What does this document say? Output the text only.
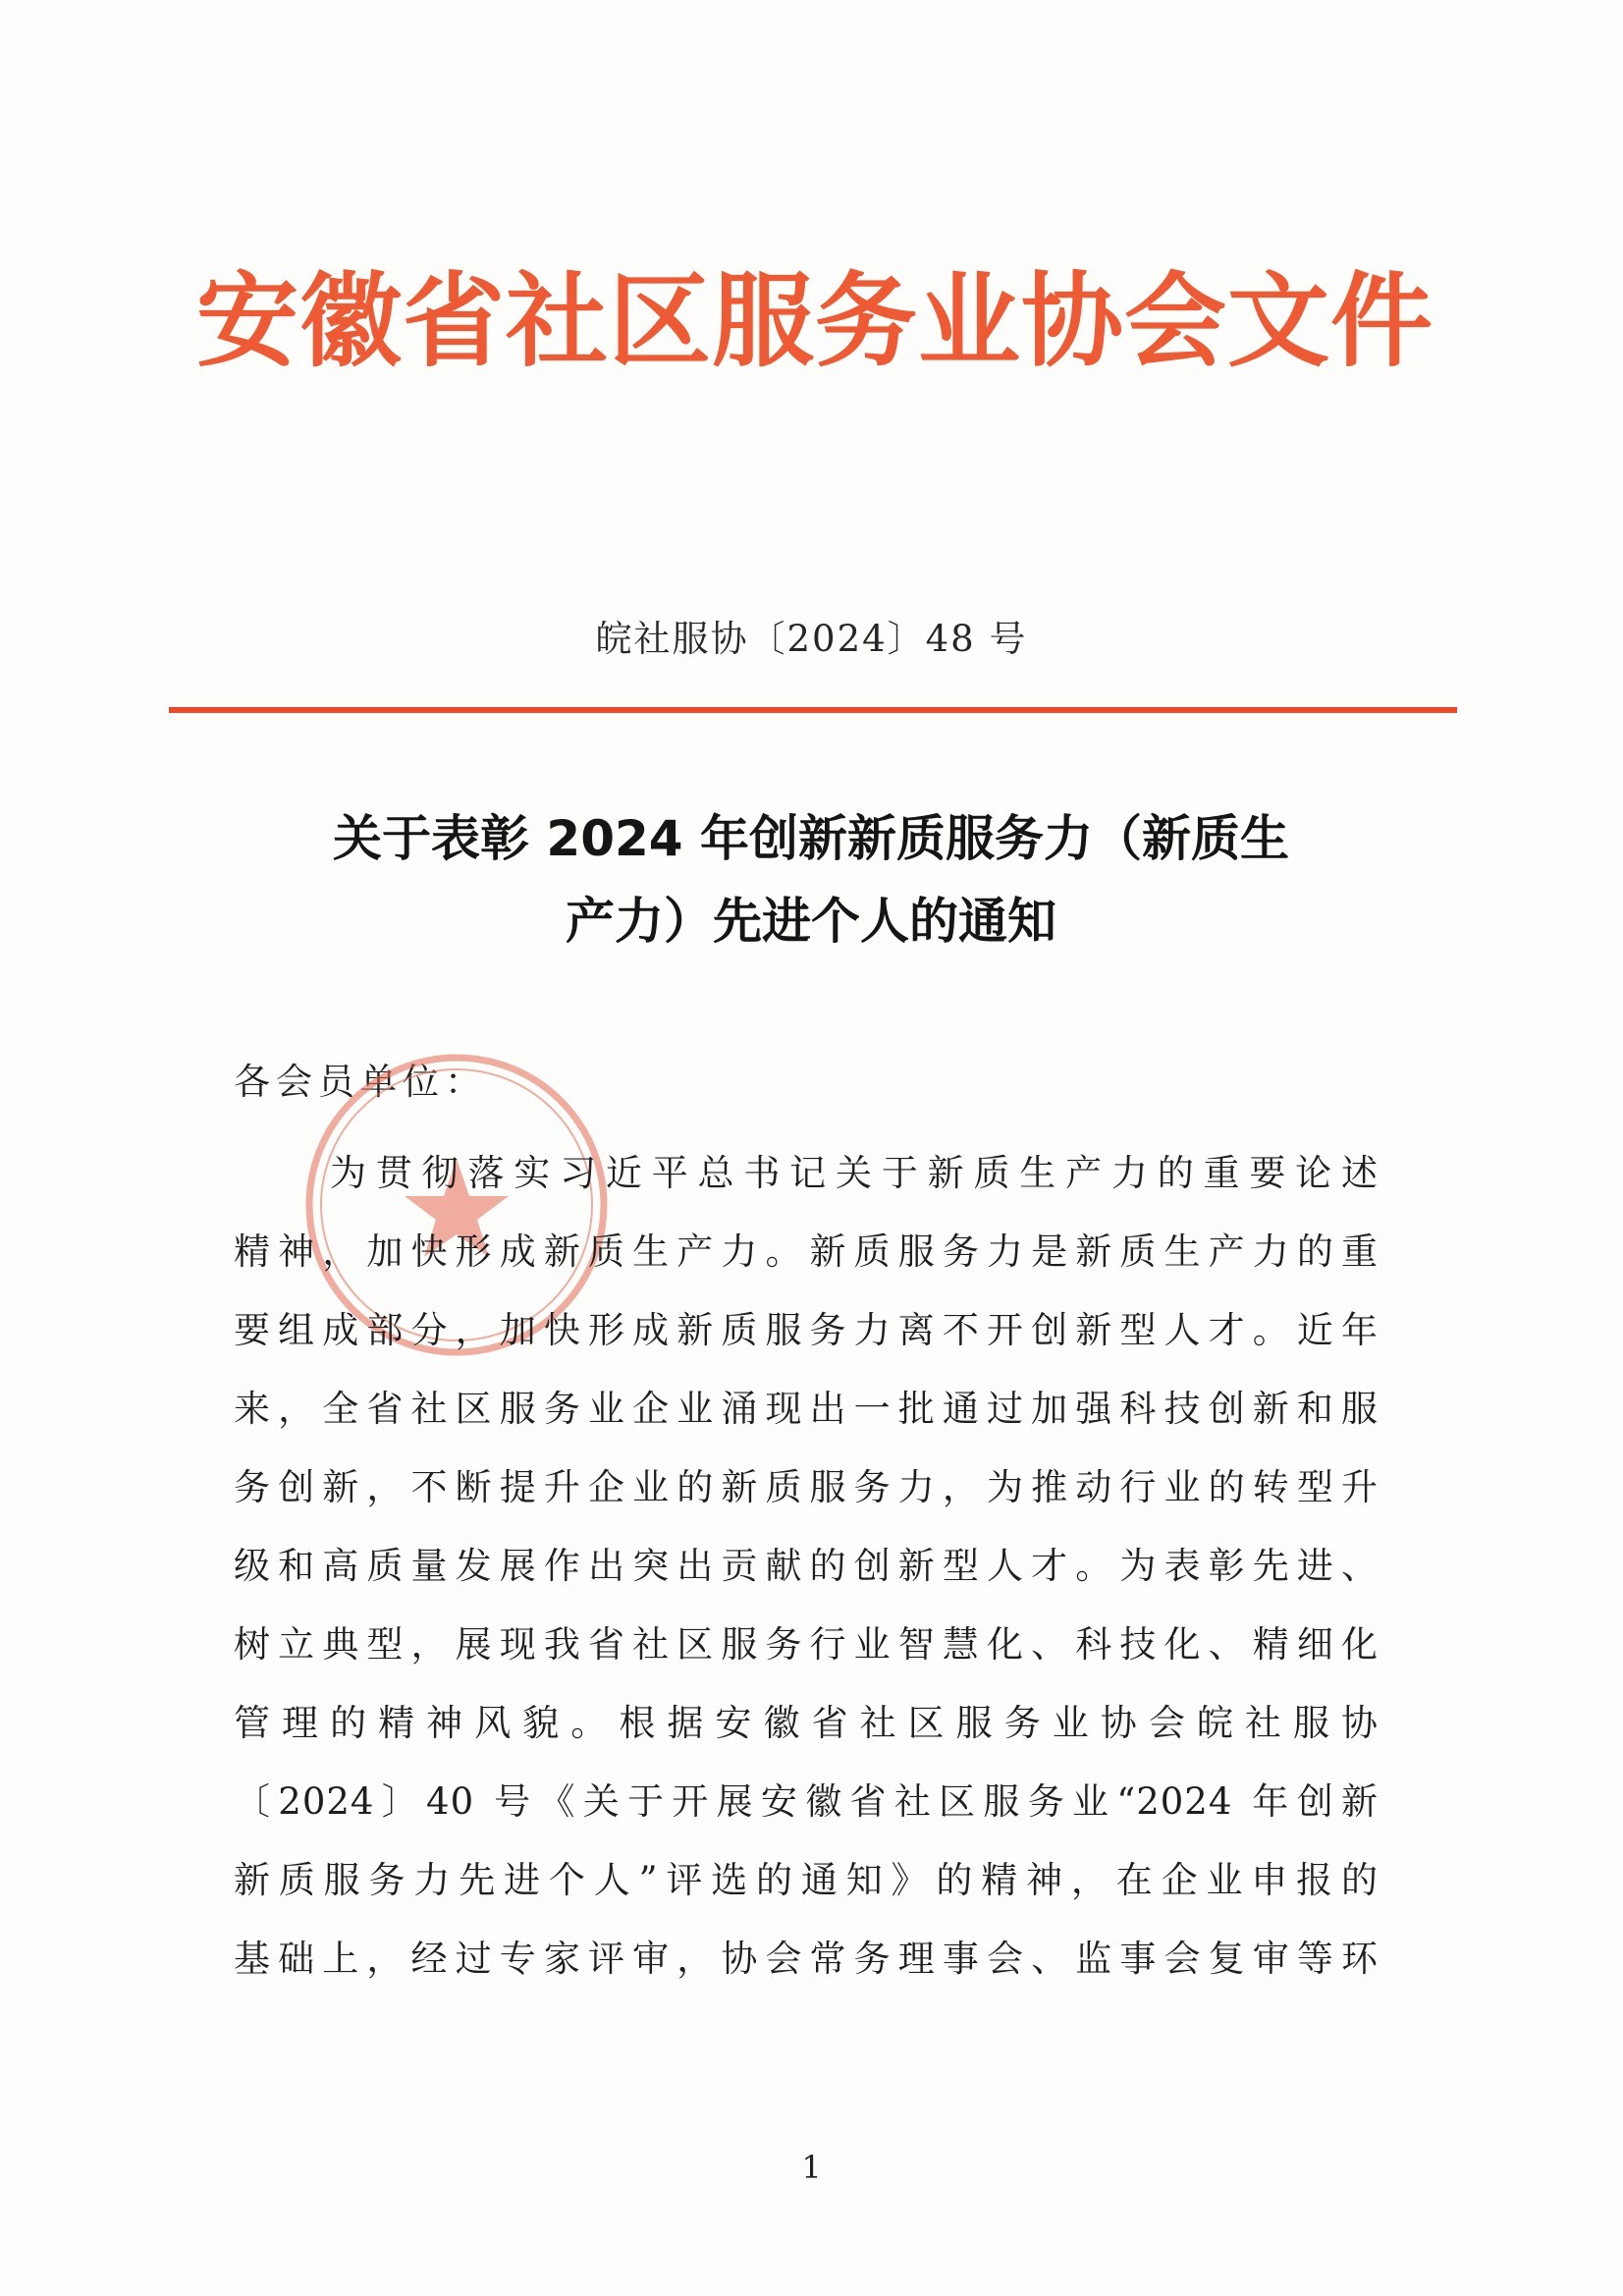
安徽省社区服务业协会文件
皖社服协〔2024〕48 号
关于表彰 2024 年创新新质服务力（新质生
产力）先进个人的通知
各会员单位：
为贯彻落实习近平总书记关于新质生产力的重要论述
精神，加快形成新质生产力。新质服务力是新质生产力的重
要组成部分，加快形成新质服务力离不开创新型人才。近年
来，全省社区服务业企业涌现出一批通过加强科技创新和服
务创新，不断提升企业的新质服务力，为推动行业的转型升
级和高质量发展作出突出贡献的创新型人才。为表彰先进、
树立典型，展现我省社区服务行业智慧化、科技化、精细化
管理的精神风貌。根据安徽省社区服务业协会皖社服协
〔2024〕40 号《关于开展安徽省社区服务业“2024 年创新
新质服务力先进个人”评选的通知》的精神，在企业申报的
基础上，经过专家评审，协会常务理事会、监事会复审等环
1
